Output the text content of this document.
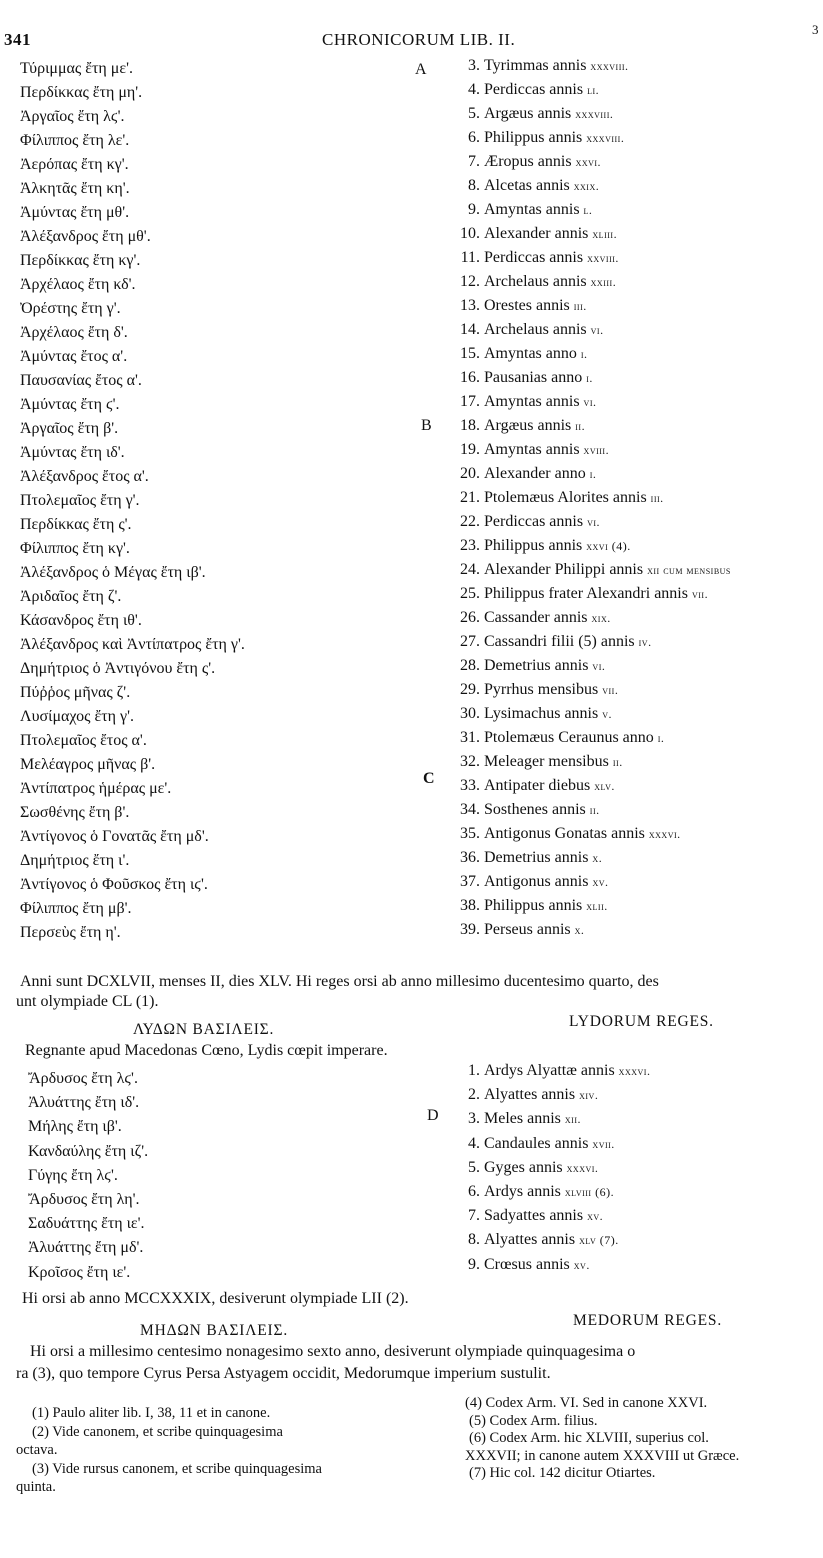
341	CHRONICORUM LIB. II.
3
A
B
C
D
Τύριμμας ἔτη με'.
Περδίκκας ἔτη μη'.
Ἀργαῖος ἔτη λϛ'.
Φίλιππος ἔτη λε'.
Ἀερόπας ἔτη κγ'.
Ἀλκητᾶς ἔτη κη'.
Ἀμύντας ἔτη μθ'.
Ἀλέξανδρος ἔτη μθ'.
Περδίκκας ἔτη κγ'.
Ἀρχέλαος ἔτη κδ'.
Ὀρέστης ἔτη γ'.
Ἀρχέλαος ἔτη δ'.
Ἀμύντας ἔτος α'.
Παυσανίας ἔτος α'.
Ἀμύντας ἔτη ϛ'.
Ἀργαῖος ἔτη β'.
Ἀμύντας ἔτη ιδ'.
Ἀλέξανδρος ἔτος α'.
Πτολεμαῖος ἔτη γ'.
Περδίκκας ἔτη ς'.
Φίλιππος ἔτη κγ'.
Ἀλέξανδρος ὁ Μέγας ἔτη ιβ'.
Ἀριδαῖος ἔτη ζ'.
Κάσανδρος ἔτη ιθ'.
Ἀλέξανδρος καὶ Ἀντίπατρος ἔτη γ'.
Δημήτριος ὁ Ἀντιγόνου ἔτη ς'.
Πύῤῥος μῆνας ζ'.
Λυσίμαχος ἔτη γ'.
Πτολεμαῖος ἔτος α'.
Μελέαγρος μῆνας β'.
Ἀντίπατρος ἡμέρας με'.
Σωσθένης ἔτη β'.
Ἀντίγονος ὁ Γονατᾶς ἔτη μδ'.
Δημήτριος ἔτη ι'.
Ἀντίγονος ὁ Φοῦσκος ἔτη ιϛ'.
Φίλιππος ἔτη μβ'.
Περσεὺς ἔτη η'.
3. Tyrimmas annis xxxviii.
4. Perdiccas annis li.
5. Argæus annis xxxviii.
6. Philippus annis xxxviii.
7. Æropus annis xxvi.
8. Alcetas annis xxix.
9. Amyntas annis l.
10. Alexander annis xliii.
11. Perdiccas annis xxviii.
12. Archelaus annis xxiii.
13. Orestes annis iii.
14. Archelaus annis vi.
15. Amyntas anno i.
16. Pausanias anno i.
17. Amyntas annis vi.
18. Argæus annis ii.
19. Amyntas annis xviii.
20. Alexander anno i.
21. Ptolemæus Alorites annis iii.
22. Perdiccas annis vi.
23. Philippus annis xxvi (4).
24. Alexander Philippi annis xii cum mensibus
25. Philippus frater Alexandri annis vii.
26. Cassander annis xix.
27. Cassandri filii (5) annis iv.
28. Demetrius annis vi.
29. Pyrrhus mensibus vii.
30. Lysimachus annis v.
31. Ptolemæus Ceraunus anno i.
32. Meleager mensibus ii.
33. Antipater diebus xlv.
34. Sosthenes annis ii.
35. Antigonus Gonatas annis xxxvi.
36. Demetrius annis x.
37. Antigonus annis xv.
38. Philippus annis xlii.
39. Perseus annis x.
Anni sunt DCXLVII, menses II, dies XLV. Hi reges orsi ab anno millesimo ducentesimo quarto, des
unt olympiade CL (1).
ΛΥΔΩΝ ΒΑΣΙΛΕΙΣ.	LYDORUM REGES.
Regnante apud Macedonas Cœno, Lydis cœpit imperare.
Ἄρδυσος ἔτη λϛ'.
Ἀλυάττης ἔτη ιδ'.
Μήλης ἔτη ιβ'.
Κανδαύλης ἔτη ιζ'.
Γύγης ἔτη λϛ'.
Ἄρδυσος ἔτη λη'.
Σαδυάττης ἔτη ιε'.
Ἀλυάττης ἔτη μδ'.
Κροῖσος ἔτη ιε'.
1. Ardys Alyattæ annis xxxvi.
2. Alyattes annis xiv.
3. Meles annis xii.
4. Candaules annis xvii.
5. Gyges annis xxxvi.
6. Ardys annis xlviii (6).
7. Sadyattes annis xv.
8. Alyattes annis xlv (7).
9. Crœsus annis xv.
Hi orsi ab anno MCCXXXIX, desiverunt olympiade LII (2).
ΜΗΔΩΝ ΒΑΣΙΛΕΙΣ.
MEDORUM REGES.
Hi orsi a millesimo centesimo nonagesimo sexto anno, desiverunt olympiade quinquagesima o
ra (3), quo tempore Cyrus Persa Astyagem occidit, Medorumque imperium sustulit.
(1) Paulo aliter lib. I, 38, 11 et in canone.
(2) Vide canonem, et scribe quinquagesima
octava.
(3) Vide rursus canonem, et scribe quinquagesima
quinta.
(4) Codex Arm. VI. Sed in canone XXVI.
(5) Codex Arm. filius.
(6) Codex Arm. hic XLVIII, superius col.
XXXVII; in canone autem XXXVIII ut Græce.
(7) Hic col. 142 dicitur Otiartes.
